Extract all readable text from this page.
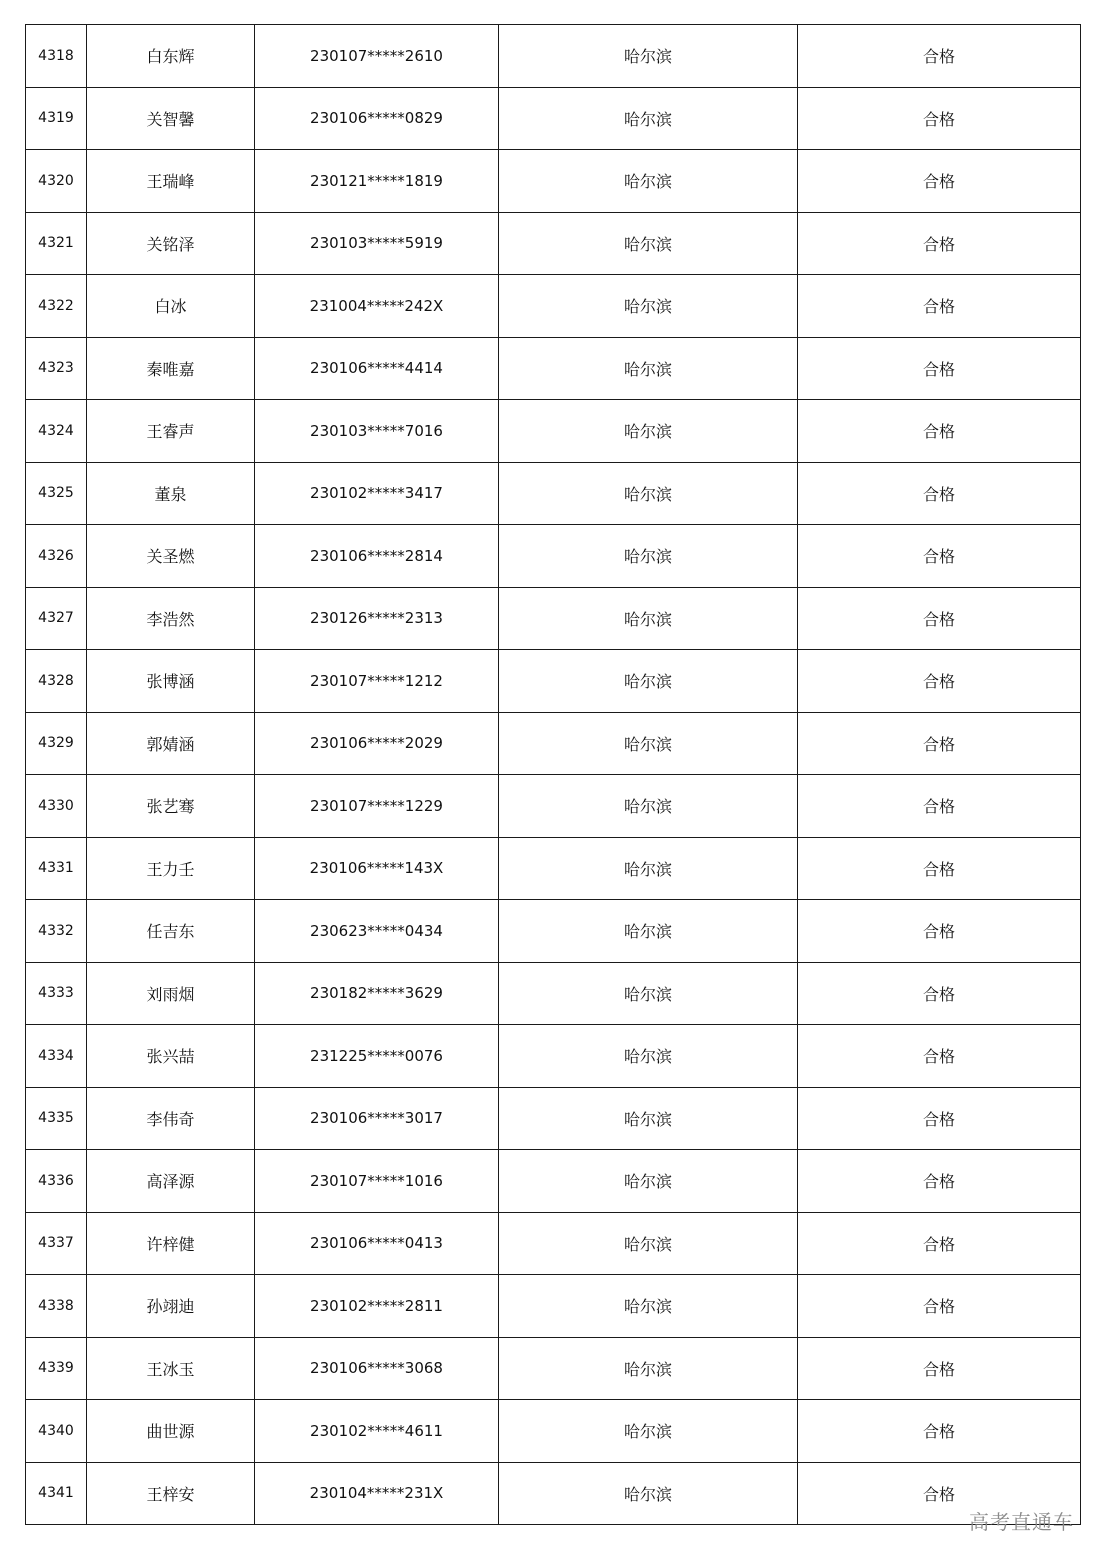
4318	白东辉	230107*****2610	哈尔滨	合格
4319	关智馨	230106*****0829	哈尔滨	合格
4320	王瑞峰	230121*****1819	哈尔滨	合格
4321	关铭泽	230103*****5919	哈尔滨	合格
4322	白冰	231004*****242X	哈尔滨	合格
4323	秦唯嘉	230106*****4414	哈尔滨	合格
4324	王睿声	230103*****7016	哈尔滨	合格
4325	董泉	230102*****3417	哈尔滨	合格
4326	关圣燃	230106*****2814	哈尔滨	合格
4327	李浩然	230126*****2313	哈尔滨	合格
4328	张博涵	230107*****1212	哈尔滨	合格
4329	郭婧涵	230106*****2029	哈尔滨	合格
4330	张艺骞	230107*****1229	哈尔滨	合格
4331	王力壬	230106*****143X	哈尔滨	合格
4332	任吉东	230623*****0434	哈尔滨	合格
4333	刘雨烟	230182*****3629	哈尔滨	合格
4334	张兴喆	231225*****0076	哈尔滨	合格
4335	李伟奇	230106*****3017	哈尔滨	合格
4336	高泽源	230107*****1016	哈尔滨	合格
4337	许梓健	230106*****0413	哈尔滨	合格
4338	孙翊迪	230102*****2811	哈尔滨	合格
4339	王冰玉	230106*****3068	哈尔滨	合格
4340	曲世源	230102*****4611	哈尔滨	合格
4341	王梓安	230104*****231X	哈尔滨	合格
高考直通车
